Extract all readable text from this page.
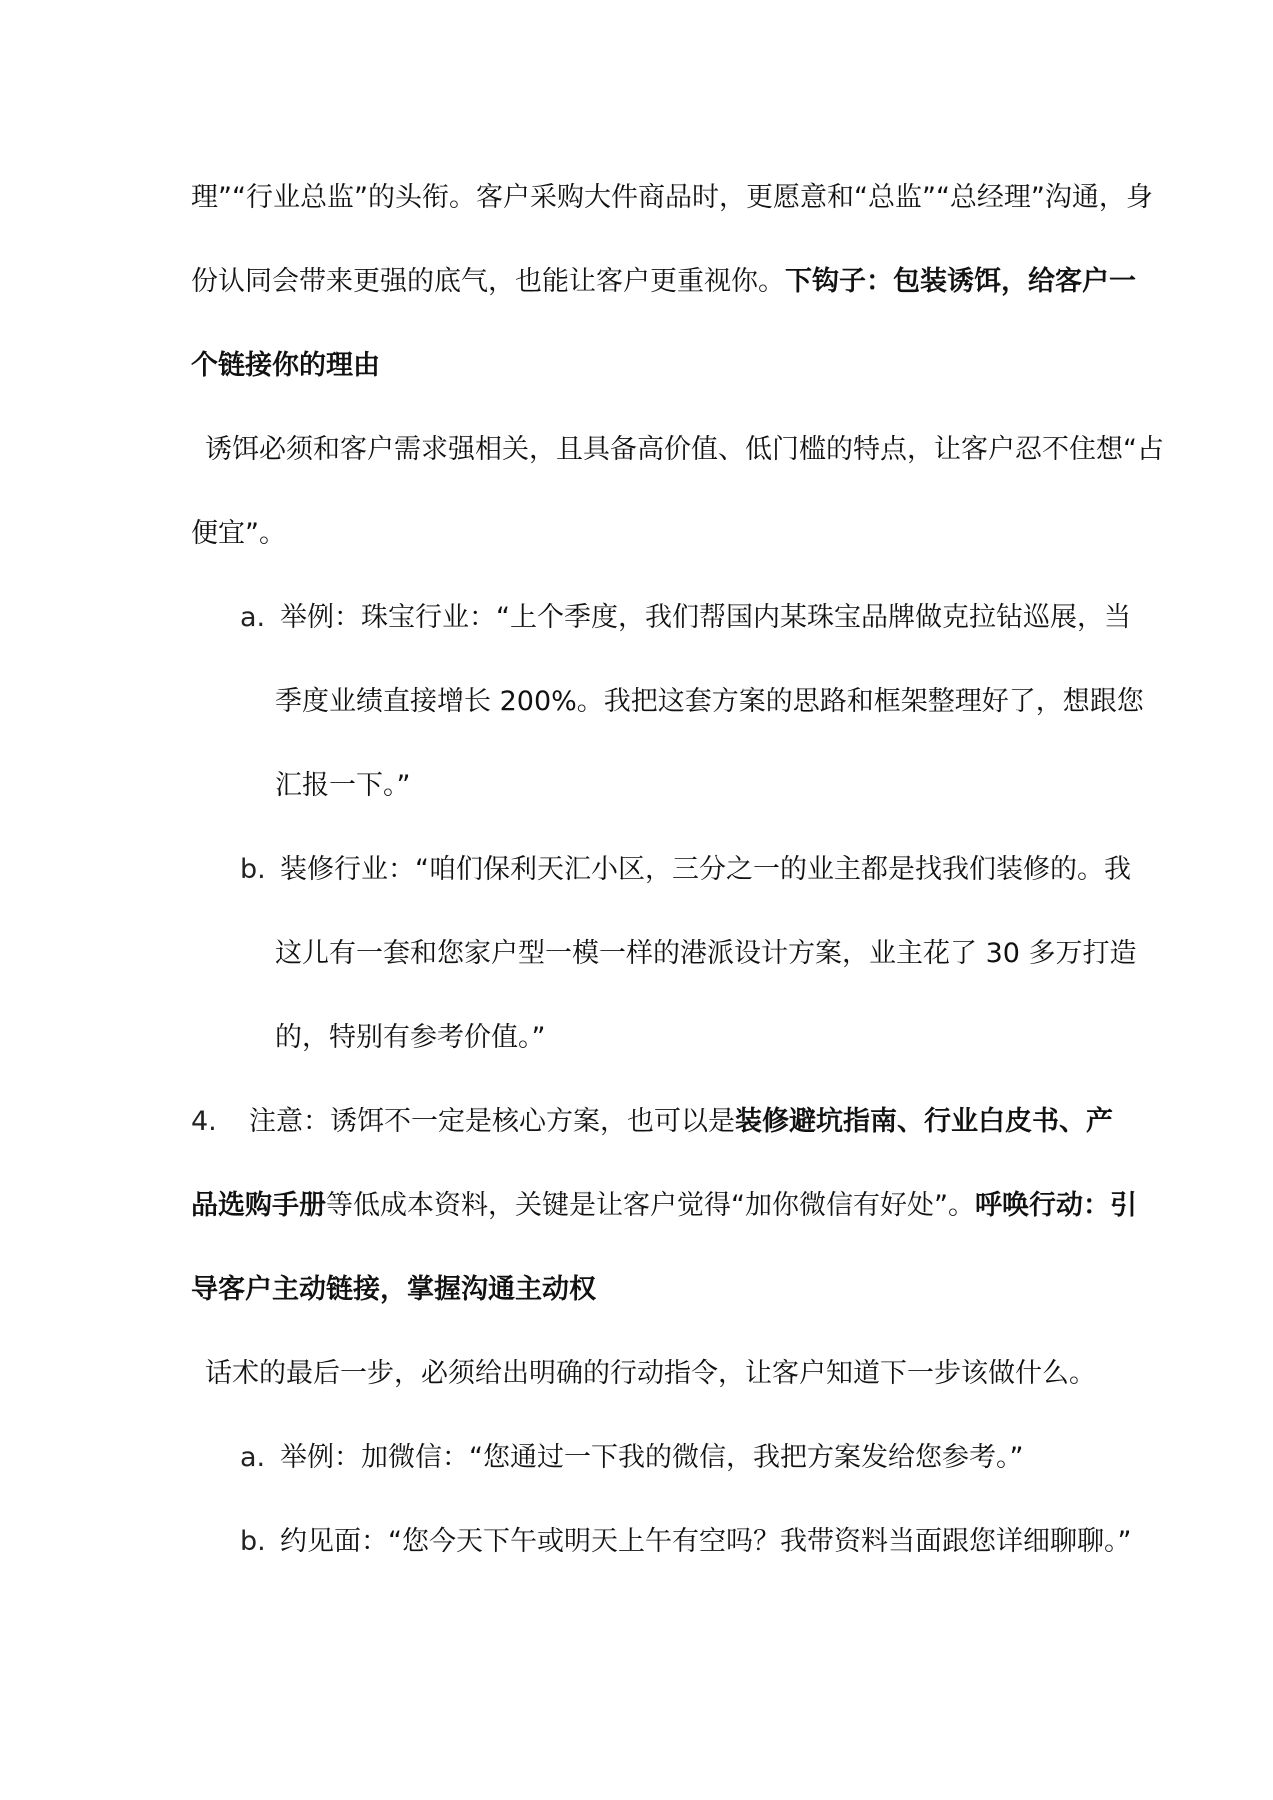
理”“行业总监”的头衔。客户采购大件商品时，更愿意和“总监”“总经理”沟通，身

份认同会带来更强的底气，也能让客户更重视你。下钩子：包装诱饵，给客户一

个链接你的理由

诱饵必须和客户需求强相关，且具备高价值、低门槛的特点，让客户忍不住想“占

便宜”。

a. 举例：珠宝行业：“上个季度，我们帮国内某珠宝品牌做克拉钻巡展，当

季度业绩直接增长 200%。我把这套方案的思路和框架整理好了，想跟您

汇报一下。”

b. 装修行业：“咱们保利天汇小区，三分之一的业主都是找我们装修的。我

这儿有一套和您家户型一模一样的港派设计方案，业主花了 30 多万打造

的，特别有参考价值。”

4. 注意：诱饵不一定是核心方案，也可以是装修避坑指南、行业白皮书、产

品选购手册等低成本资料，关键是让客户觉得“加你微信有好处”。呼唤行动：引

导客户主动链接，掌握沟通主动权

话术的最后一步，必须给出明确的行动指令，让客户知道下一步该做什么。

a. 举例：加微信：“您通过一下我的微信，我把方案发给您参考。”

b. 约见面：“您今天下午或明天上午有空吗？我带资料当面跟您详细聊聊。”
